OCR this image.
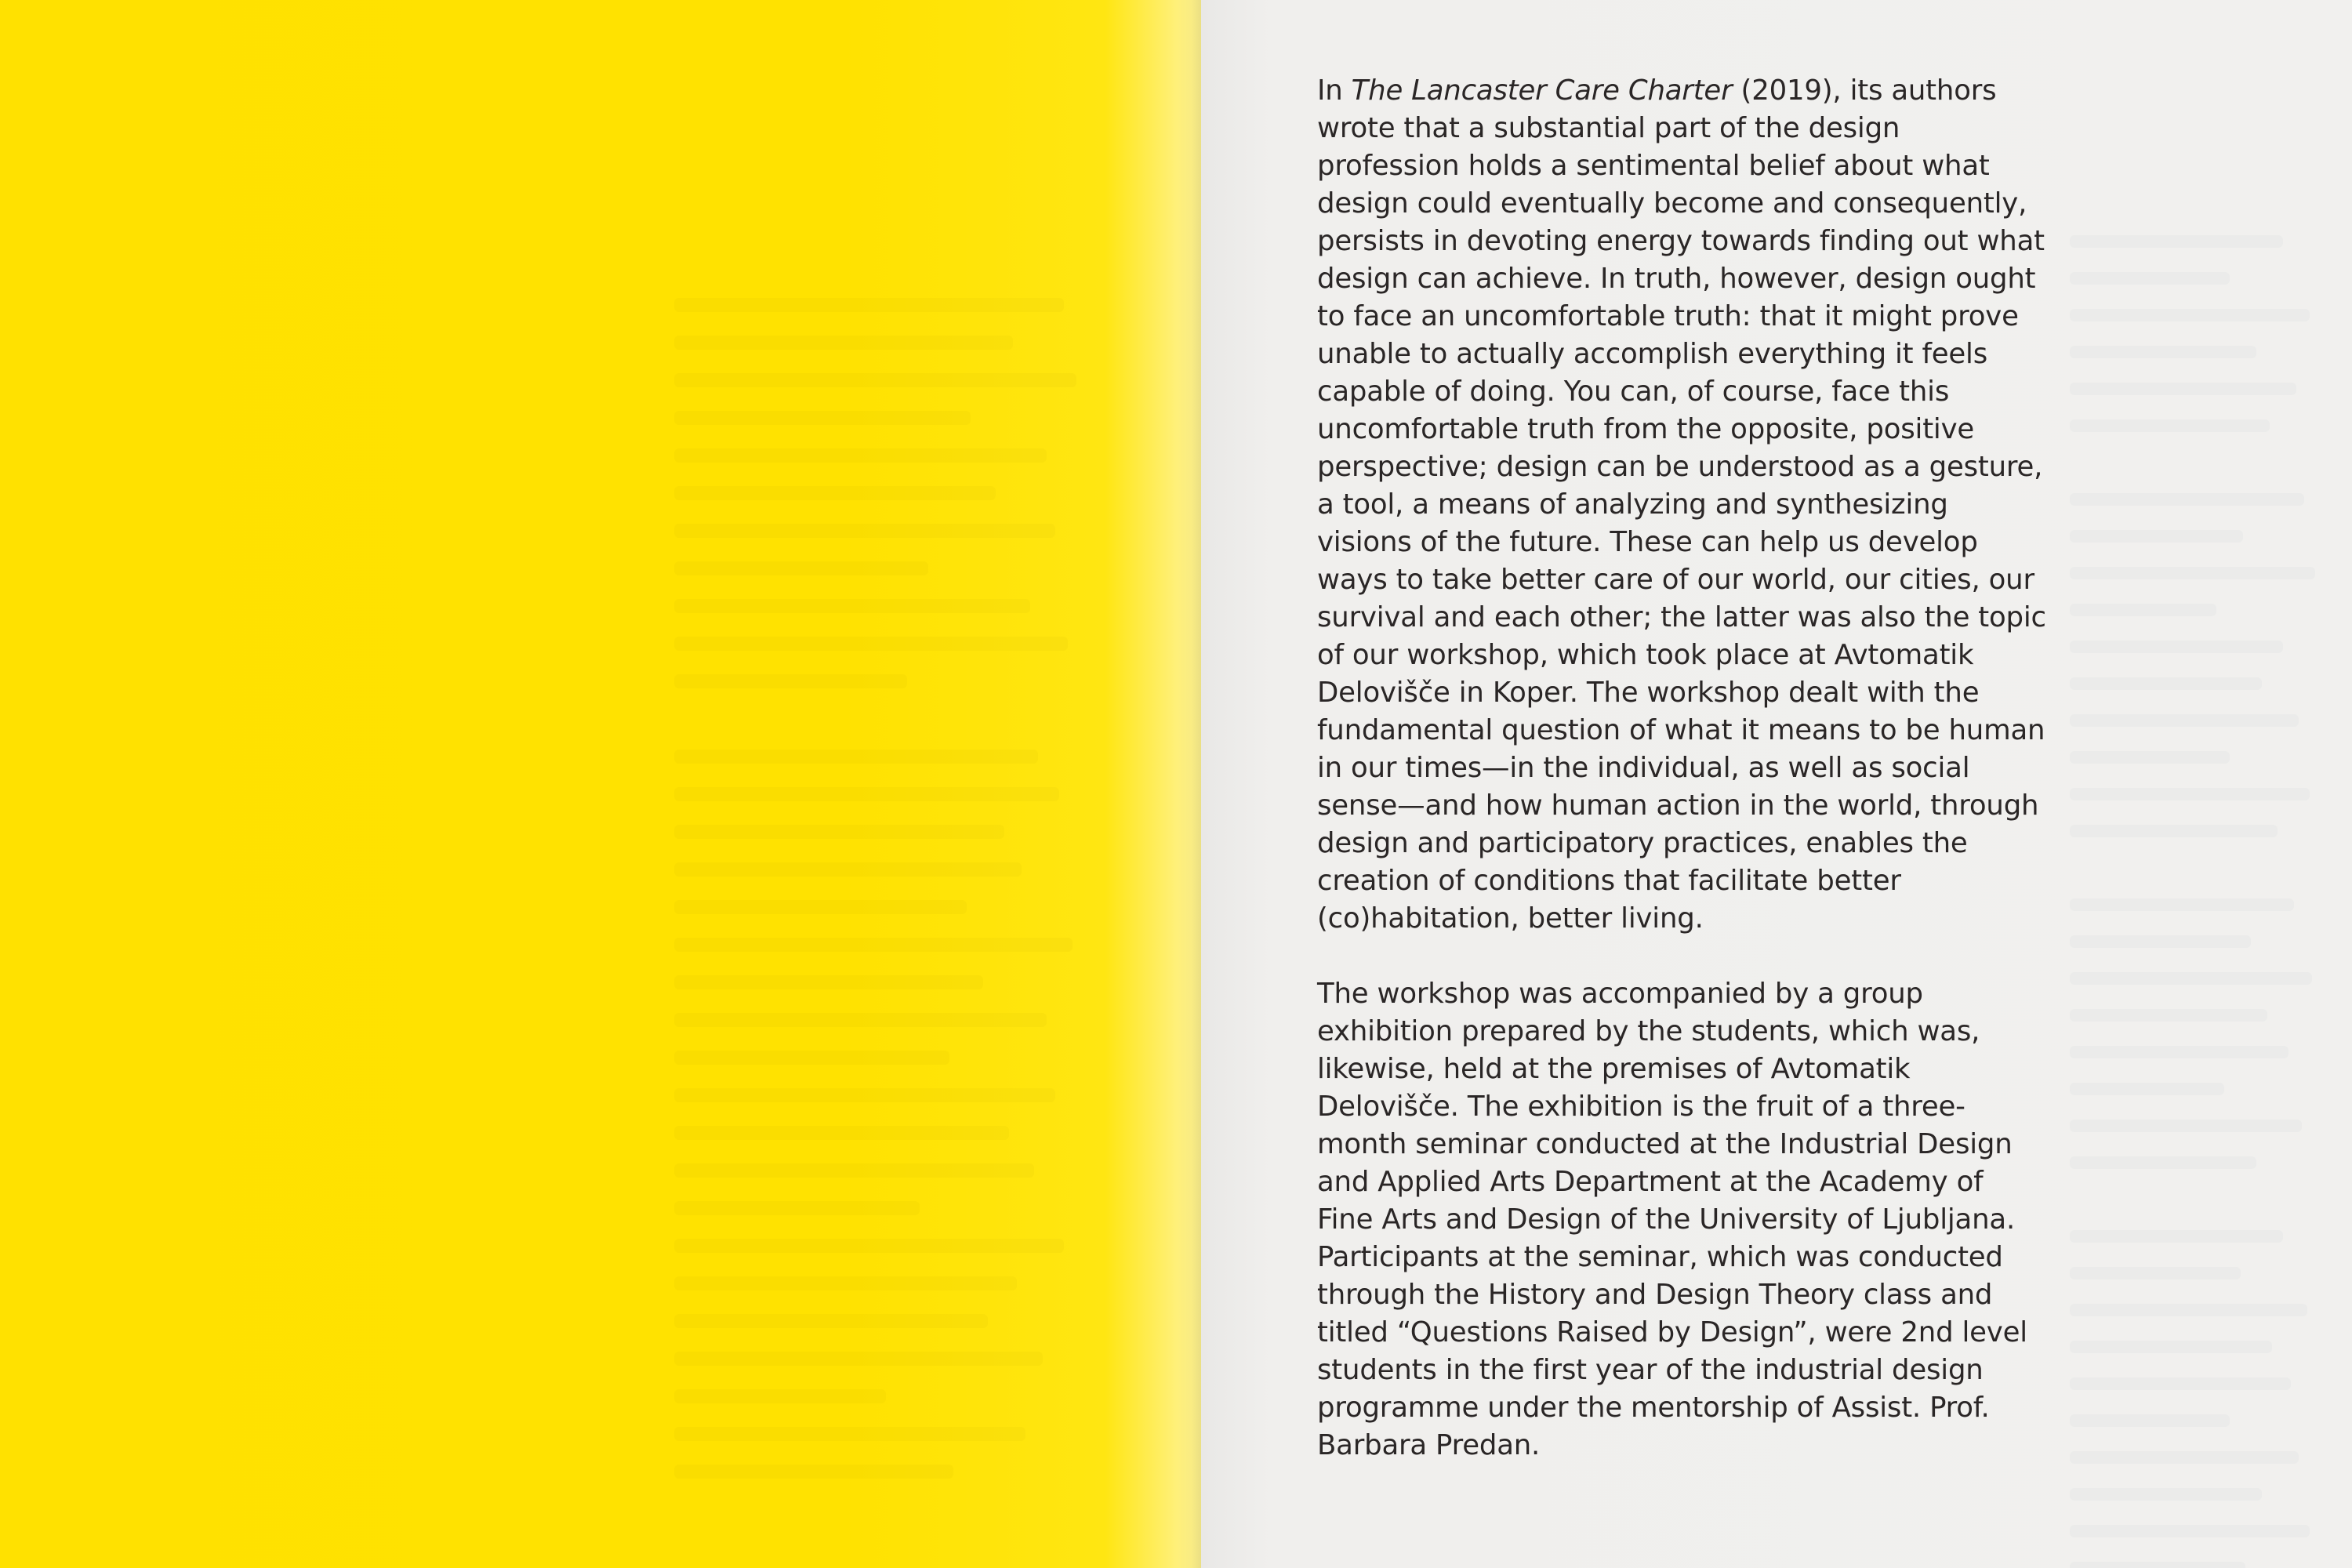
In The Lancaster Care Charter (2019), its authors wrote that a substantial part of the design profession holds a sentimental belief about what design could eventually become and consequently, persists in devoting energy towards finding out what design can achieve. In truth, however, design ought to face an uncomfortable truth: that it might prove unable to actually accomplish everything it feels capable of doing. You can, of course, face this uncomfortable truth from the opposite, positive perspective; design can be understood as a gesture, a tool, a means of analyzing and synthesizing visions of the future. These can help us develop ways to take better care of our world, our cities, our survival and each other; the latter was also the topic of our workshop, which took place at Avtomatik Delovišče in Koper. The workshop dealt with the fundamental question of what it means to be human in our times—in the individual, as well as social sense—and how human action in the world, through design and participatory practices, enables the creation of conditions that facilitate better (co)habitation, better living.

The workshop was accompanied by a group exhibition prepared by the students, which was, likewise, held at the premises of Avtomatik Delovišče. The exhibition is the fruit of a three-month seminar conducted at the Industrial Design and Applied Arts Department at the Academy of Fine Arts and Design of the University of Ljubljana. Participants at the seminar, which was conducted through the History and Design Theory class and titled “Questions Raised by Design”, were 2nd level students in the first year of the industrial design programme under the mentorship of Assist. Prof. Barbara Predan.
